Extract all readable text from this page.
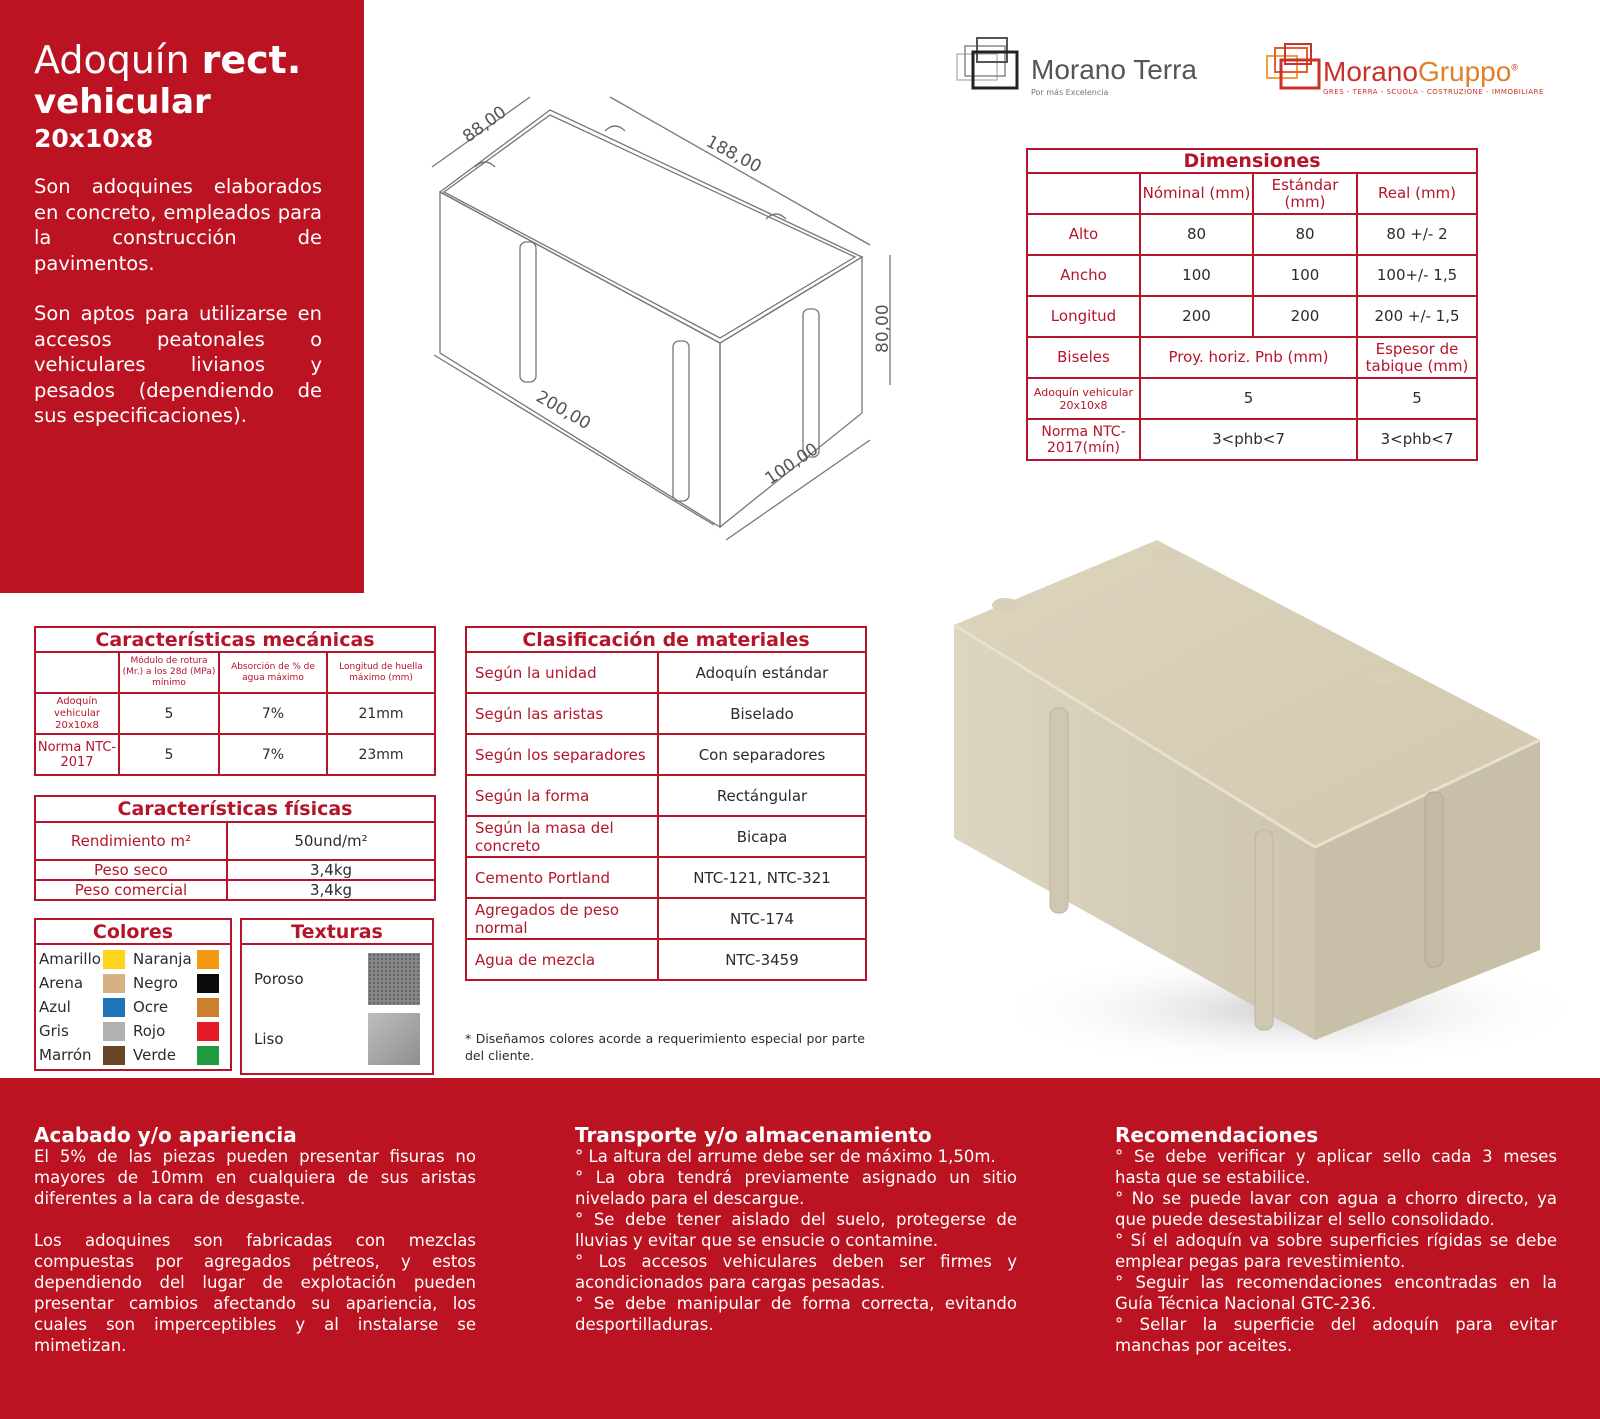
Adoquín rect.
vehicular
20x10x8

Son adoquines elaborados en concreto, empleados para la construcción de pavimentos.

Son aptos para utilizarse en accesos peatonales o vehiculares livianos y pesados (dependiendo de sus especificaciones).

Morano Terra
Por más Excelencia
MoranoGruppo®
GRES - TERRA - SCUOLA - COSTRUZIONE - IMMOBILIARE
88,00
188,00
80,00
200,00
100,00
Dimensiones			
	Nóminal (mm)	Estándar (mm)	Real (mm)
Alto	80	80	80 +/- 2
Ancho	100	100	100+/- 1,5
Longitud	200	200	200 +/- 1,5
Biseles	Proy. horiz. Pnb (mm)		Espesor de tabique (mm)
Adoquín vehicular 20x10x8	5		5
Norma NTC-2017(mín)	3<phb<7		3<phb<7
Características mecánicas			
	Módulo de rotura (Mr.) a los 28d (MPa) mínimo	Absorción de % de agua máximo	Longitud de huella máximo (mm)
Adoquín vehicular 20x10x8	5	7%	21mm
Norma NTC-2017	5	7%	23mm
Características físicas	
Rendimiento m²	50und/m²
Peso seco	3,4kg
Peso comercial	3,4kg
Colores

Amarillo Naranja
Arena	Negro
Azul	Ocre
Gris	Rojo
Marrón	Verde
Texturas

Poroso
Liso
Clasificación de materiales	
Según la unidad	Adoquín estándar
Según las aristas	Biselado
Según los separadores	Con separadores
Según la forma	Rectángular
Según la masa del concreto	Bicapa
Cemento Portland	NTC-121, NTC-321
Agregados de peso normal	NTC-174
Agua de mezcla	NTC-3459
* Diseñamos colores acorde a requerimiento especial por parte del cliente.
Acabado y/o apariencia

El 5% de las piezas pueden presentar fisuras no mayores de 10mm en cualquiera de sus aristas diferentes a la cara de desgaste.

Los adoquines son fabricadas con mezclas compuestas por agregados pétreos, y estos dependiendo del lugar de explotación pueden presentar cambios afectando su apariencia, los cuales son imperceptibles y al instalarse se mimetizan.

Transporte y/o almacenamiento

° La altura del arrume debe ser de máximo 1,50m.

° La obra tendrá previamente asignado un sitio nivelado para el descargue.

° Se debe tener aislado del suelo, protegerse de lluvias y evitar que se ensucie o contamine.

° Los accesos vehiculares deben ser firmes y acondicionados para cargas pesadas.

° Se debe manipular de forma correcta, evitando desportilladuras.

Recomendaciones

° Se debe verificar y aplicar sello cada 3 meses hasta que se estabilice.

° No se puede lavar con agua a chorro directo, ya que puede desestabilizar el sello consolidado.

° Sí el adoquín va sobre superficies rígidas se debe emplear pegas para revestimiento.

° Seguir las recomendaciones encontradas en la Guía Técnica Nacional GTC-236.

° Sellar la superficie del adoquín para evitar manchas por aceites.
